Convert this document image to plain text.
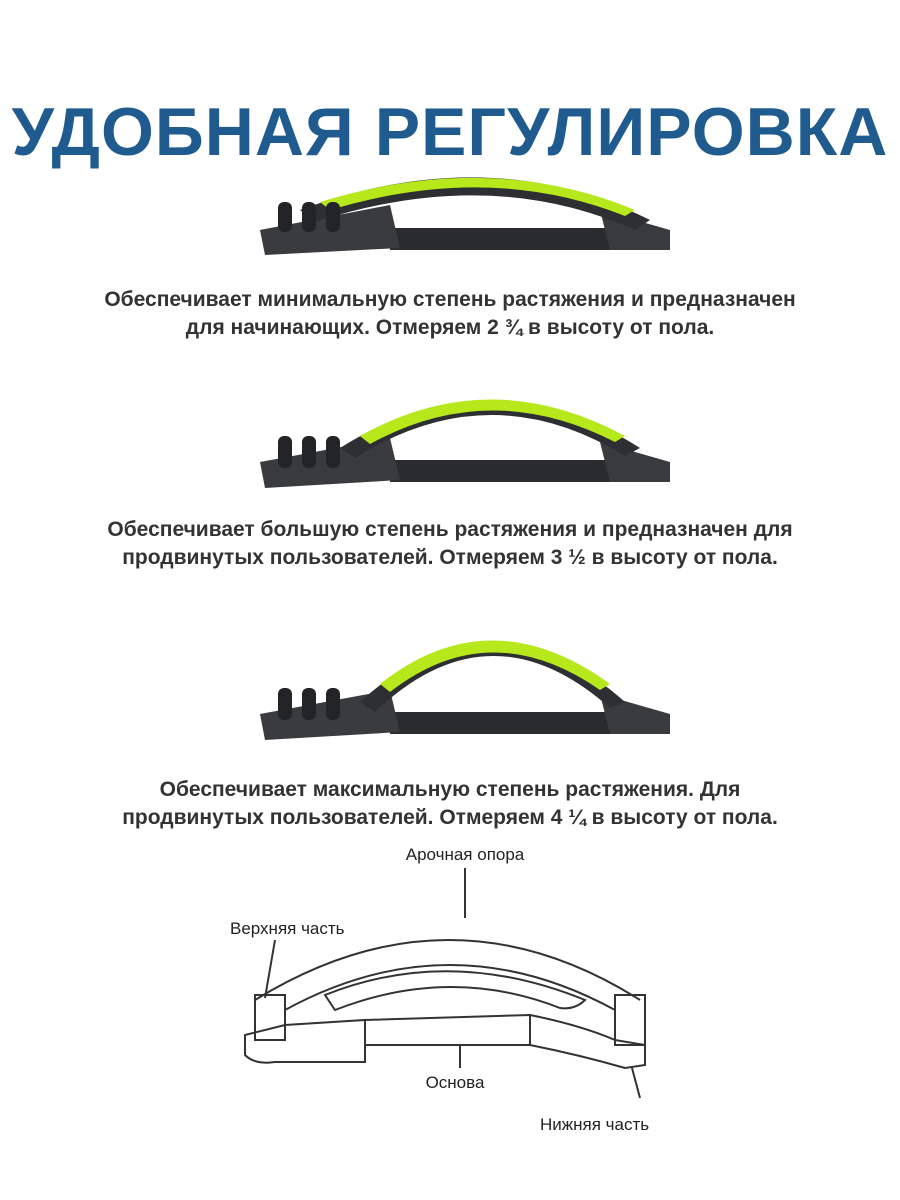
УДОБНАЯ РЕГУЛИРОВКА
Обеспечивает минимальную степень растяжения и предназначен
для начинающих. Отмеряем 2 ¾ в высоту от пола.
Обеспечивает большую степень растяжения и предназначен для
продвинутых пользователей. Отмеряем 3 ½ в высоту от пола.
Обеспечивает максимальную степень растяжения. Для
продвинутых пользователей. Отмеряем 4 ¼ в высоту от пола.
Арочная опора
Верхняя часть
Основа
Нижняя часть
